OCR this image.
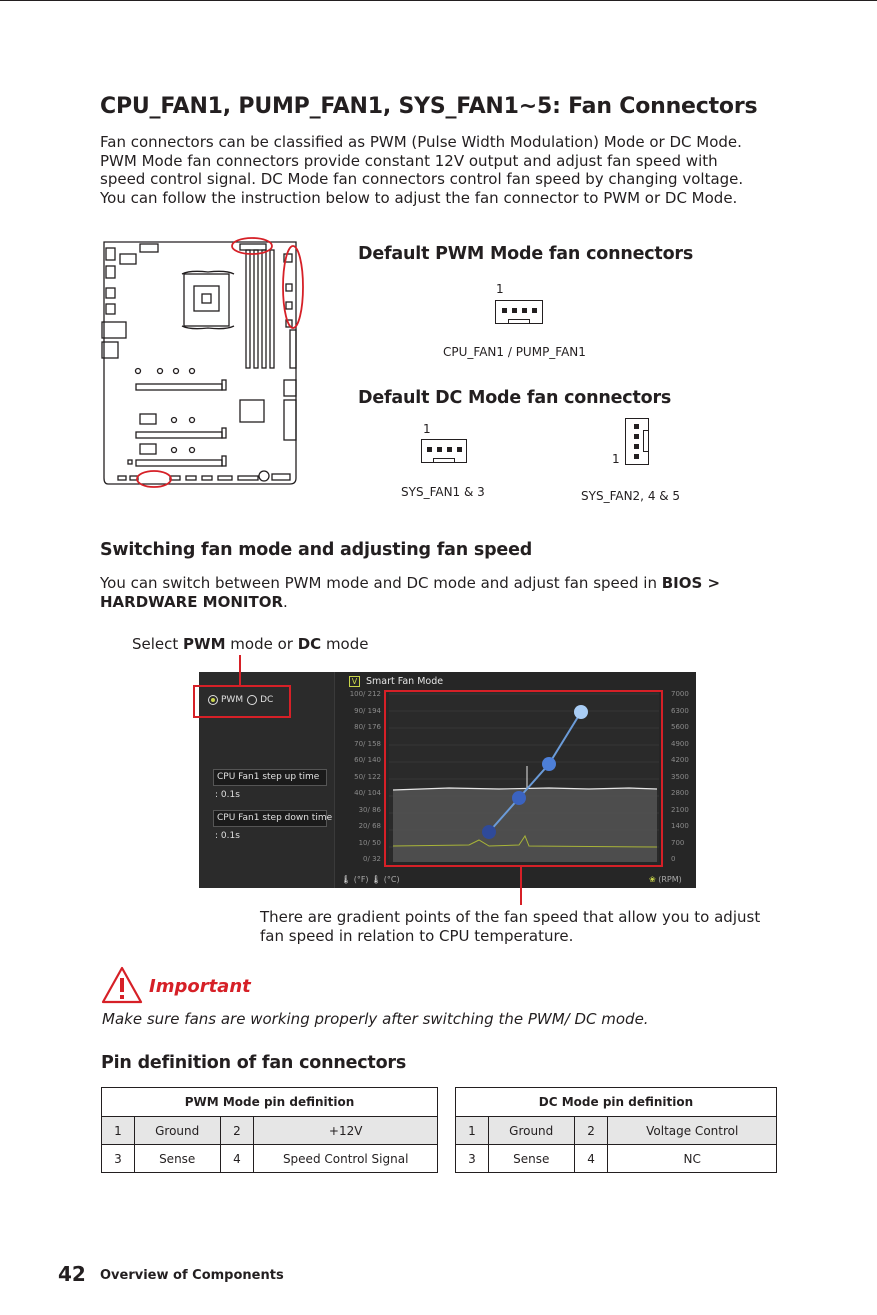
CPU_FAN1, PUMP_FAN1, SYS_FAN1~5: Fan Connectors
Fan connectors can be classified as PWM (Pulse Width Modulation) Mode or DC Mode.
PWM Mode fan connectors provide constant 12V output and adjust fan speed with
speed control signal. DC Mode fan connectors control fan speed by changing voltage.
You can follow the instruction below to adjust the fan connector to PWM or DC Mode.
Default PWM Mode fan connectors
1
CPU_FAN1 / PUMP_FAN1
Default DC Mode fan connectors
1
SYS_FAN1 & 3
1
SYS_FAN2, 4 & 5
Switching fan mode and adjusting fan speed
You can switch between PWM mode and DC mode and adjust fan speed in BIOS >
HARDWARE MONITOR.
Select PWM mode or DC mode
PWM DC
CPU Fan1 step up time
: 0.1s
CPU Fan1 step down time
: 0.1s
V Smart Fan Mode
100/ 212
90/ 194
80/ 176
70/ 158
60/ 140
50/ 122
40/ 104
30/ 86
20/ 68
10/ 50
0/ 32
7000
6300
5600
4900
4200
3500
2800
2100
1400
700
0
🌡 (°F) 🌡 (°C)	❀ (RPM)
There are gradient points of the fan speed that allow you to adjust
fan speed in relation to CPU temperature.
Important
Make sure fans are working properly after switching the PWM/ DC mode.
Pin definition of fan connectors
PWM Mode pin definition			
1	Ground	2	+12V
3	Sense	4	Speed Control Signal
DC Mode pin definition			
1	Ground	2	Voltage Control
3	Sense	4	NC
42 Overview of Components
